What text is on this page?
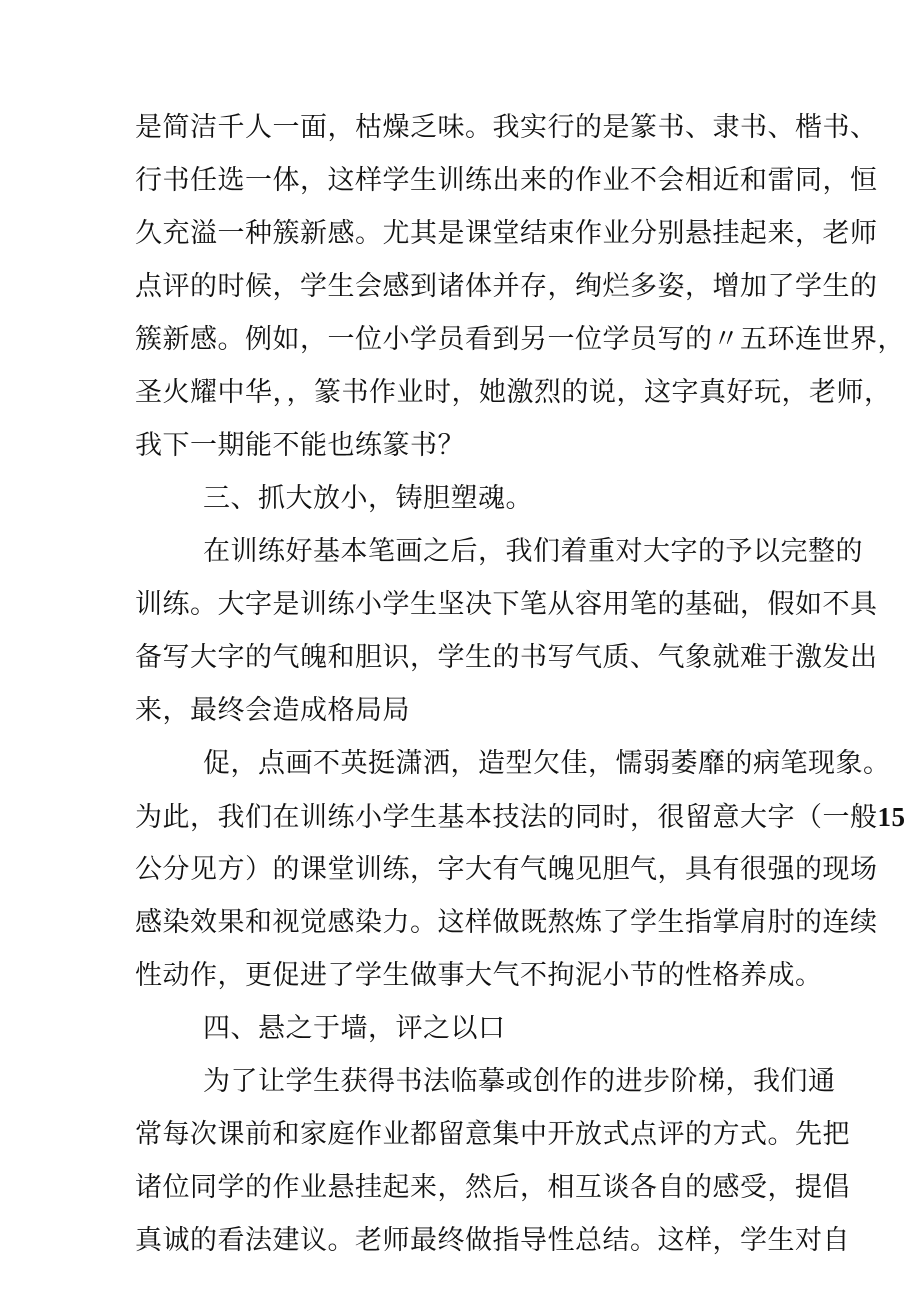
是简洁千人一面，枯燥乏味。我实行的是篆书、隶书、楷书、
行书任选一体，这样学生训练出来的作业不会相近和雷同，恒
久充溢一种簇新感。尤其是课堂结束作业分别悬挂起来，老师
点评的时候，学生会感到诸体并存，绚烂多姿，增加了学生的
簇新感。例如，一位小学员看到另一位学员写的〃五环连世界，
圣火耀中华，，篆书作业时，她激烈的说，这字真好玩，老师，
我下一期能不能也练篆书？
三、抓大放小，铸胆塑魂。
在训练好基本笔画之后，我们着重对大字的予以完整的
训练。大字是训练小学生坚决下笔从容用笔的基础，假如不具
备写大字的气魄和胆识，学生的书写气质、气象就难于激发出
来，最终会造成格局局
促，点画不英挺潇洒，造型欠佳，懦弱萎靡的病笔现象。
为此，我们在训练小学生基本技法的同时，很留意大字（一般15
公分见方）的课堂训练，字大有气魄见胆气，具有很强的现场
感染效果和视觉感染力。这样做既熬炼了学生指掌肩肘的连续
性动作，更促进了学生做事大气不拘泥小节的性格养成。
四、悬之于墙，评之以口
为了让学生获得书法临摹或创作的进步阶梯，我们通
常每次课前和家庭作业都留意集中开放式点评的方式。先把
诸位同学的作业悬挂起来，然后，相互谈各自的感受，提倡
真诚的看法建议。老师最终做指导性总结。这样，学生对自
